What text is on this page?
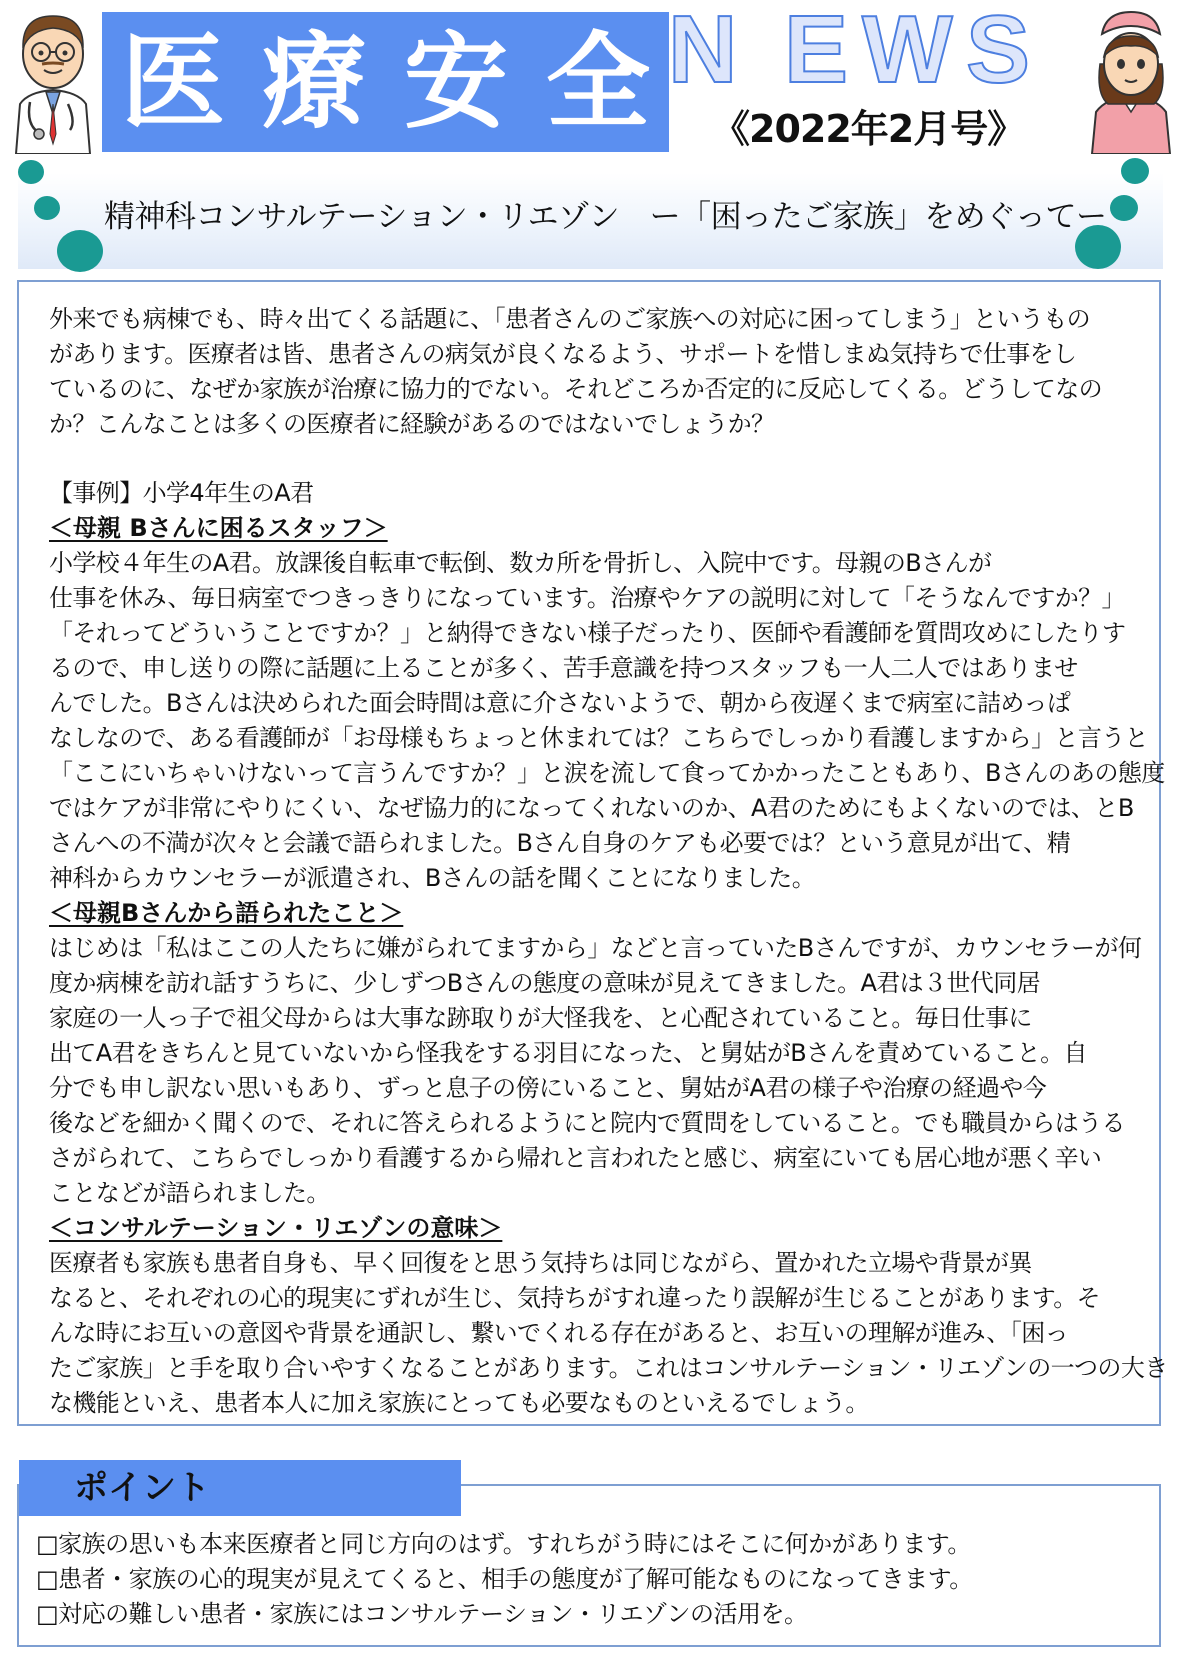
医 療 安 全 N E W S
《2022年2月号》
精神科コンサルテーション・リエゾン　ー「困ったご家族」をめぐってー
外来でも病棟でも、時々出てくる話題に、「患者さんのご家族への対応に困ってしまう」というもの
があります。医療者は皆、患者さんの病気が良くなるよう、サポートを惜しまぬ気持ちで仕事をし
ているのに、なぜか家族が治療に協力的でない。それどころか否定的に反応してくる。どうしてなの
か？こんなことは多くの医療者に経験があるのではないでしょうか？
【事例】小学4年生のA君
＜母親 Bさんに困るスタッフ＞
小学校４年生のA君。放課後自転車で転倒、数カ所を骨折し、入院中です。母親のBさんが
仕事を休み、毎日病室でつきっきりになっています。治療やケアの説明に対して「そうなんですか？」
「それってどういうことですか？」と納得できない様子だったり、医師や看護師を質問攻めにしたりす
るので、申し送りの際に話題に上ることが多く、苦手意識を持つスタッフも一人二人ではありませ
んでした。Bさんは決められた面会時間は意に介さないようで、朝から夜遅くまで病室に詰めっぱ
なしなので、ある看護師が「お母様もちょっと休まれては？こちらでしっかり看護しますから」と言うと
「ここにいちゃいけないって言うんですか？」と涙を流して食ってかかったこともあり、Bさんのあの態度
ではケアが非常にやりにくい、なぜ協力的になってくれないのか、A君のためにもよくないのでは、とB
さんへの不満が次々と会議で語られました。Bさん自身のケアも必要では？という意見が出て、精
神科からカウンセラーが派遣され、Bさんの話を聞くことになりました。
＜母親Bさんから語られたこと＞
はじめは「私はここの人たちに嫌がられてますから」などと言っていたBさんですが、カウンセラーが何
度か病棟を訪れ話すうちに、少しずつBさんの態度の意味が見えてきました。A君は３世代同居
家庭の一人っ子で祖父母からは大事な跡取りが大怪我を、と心配されていること。毎日仕事に
出てA君をきちんと見ていないから怪我をする羽目になった、と舅姑がBさんを責めていること。自
分でも申し訳ない思いもあり、ずっと息子の傍にいること、舅姑がA君の様子や治療の経過や今
後などを細かく聞くので、それに答えられるようにと院内で質問をしていること。でも職員からはうる
さがられて、こちらでしっかり看護するから帰れと言われたと感じ、病室にいても居心地が悪く辛い
ことなどが語られました。
＜コンサルテーション・リエゾンの意味＞
医療者も家族も患者自身も、早く回復をと思う気持ちは同じながら、置かれた立場や背景が異
なると、それぞれの心的現実にずれが生じ、気持ちがすれ違ったり誤解が生じることがあります。そ
んな時にお互いの意図や背景を通訳し、繋いでくれる存在があると、お互いの理解が進み、「困っ
たご家族」と手を取り合いやすくなることがあります。これはコンサルテーション・リエゾンの一つの大き
な機能といえ、患者本人に加え家族にとっても必要なものといえるでしょう。
ポイント
□家族の思いも本来医療者と同じ方向のはず。すれちがう時にはそこに何かがあります。
□患者・家族の心的現実が見えてくると、相手の態度が了解可能なものになってきます。
□対応の難しい患者・家族にはコンサルテーション・リエゾンの活用を。
